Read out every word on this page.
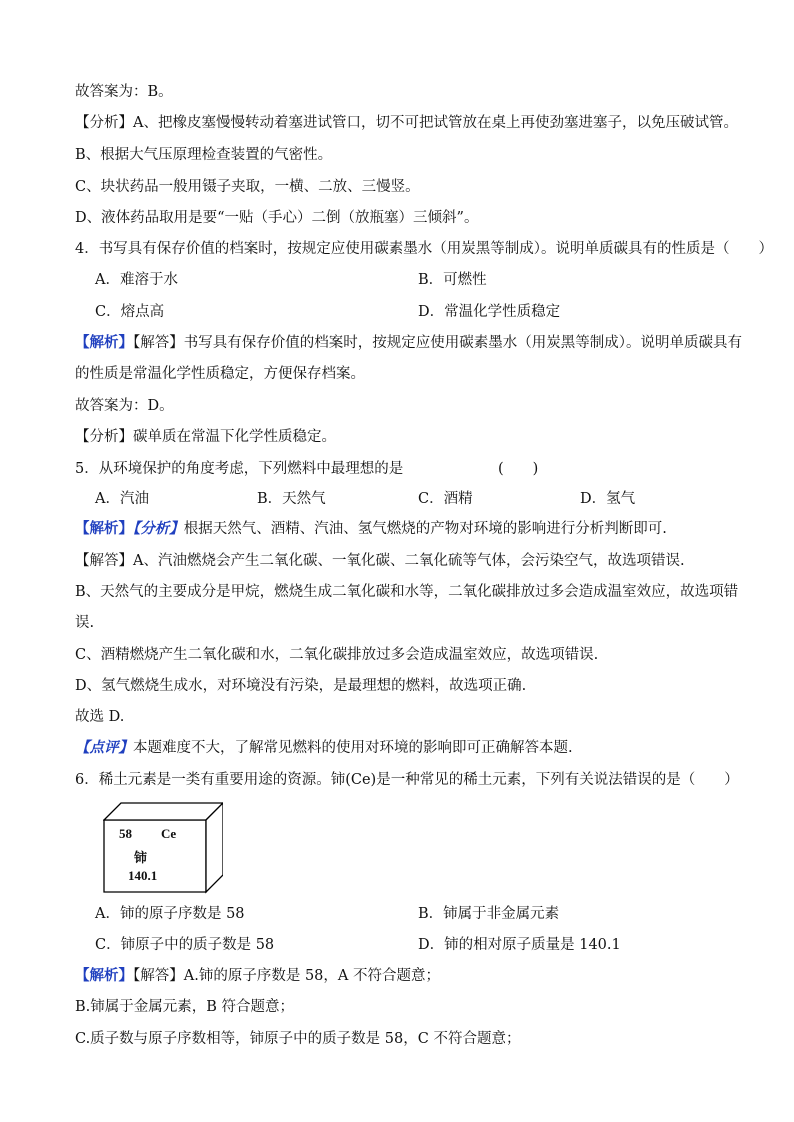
故答案为：B。
【分析】A、把橡皮塞慢慢转动着塞进试管口，切不可把试管放在桌上再使劲塞进塞子，以免压破试管。
B、根据大气压原理检查装置的气密性。
C、块状药品一般用镊子夹取，一横、二放、三慢竖。
D、液体药品取用是要“一贴（手心）二倒（放瓶塞）三倾斜”。
4．书写具有保存价值的档案时，按规定应使用碳素墨水（用炭黑等制成）。说明单质碳具有的性质是（　　）
A．难溶于水	B．可燃性
C．熔点高	D．常温化学性质稳定
【解析】【解答】书写具有保存价值的档案时，按规定应使用碳素墨水（用炭黑等制成）。说明单质碳具有
的性质是常温化学性质稳定，方便保存档案。
故答案为：D。
【分析】碳单质在常温下化学性质稳定。
5．从环境保护的角度考虑，下列燃料中最理想的是	(　　)
A．汽油	B．天然气	C．酒精	D．氢气
【解析】【分析】根据天然气、酒精、汽油、氢气燃烧的产物对环境的影响进行分析判断即可.
【解答】A、汽油燃烧会产生二氧化碳、一氧化碳、二氧化硫等气体，会污染空气，故选项错误.
B、天然气的主要成分是甲烷，燃烧生成二氧化碳和水等，二氧化碳排放过多会造成温室效应，故选项错
误.
C、酒精燃烧产生二氧化碳和水，二氧化碳排放过多会造成温室效应，故选项错误.
D、氢气燃烧生成水，对环境没有污染，是最理想的燃料，故选项正确.
故选 D.
【点评】本题难度不大，了解常见燃料的使用对环境的影响即可正确解答本题.
6．稀土元素是一类有重要用途的资源。铈(Ce)是一种常见的稀土元素，下列有关说法错误的是（　　）
58 Ce
铈
140.1
A．铈的原子序数是 58	B．铈属于非金属元素
C．铈原子中的质子数是 58	D．铈的相对原子质量是 140.1
【解析】【解答】A.铈的原子序数是 58，A 不符合题意；
B.铈属于金属元素，B 符合题意；
C.质子数与原子序数相等，铈原子中的质子数是 58，C 不符合题意；
